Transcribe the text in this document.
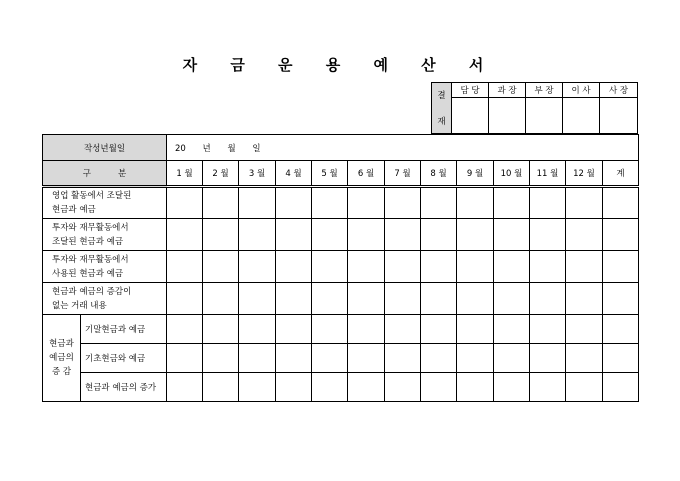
자 금 운 용 예 산 서
결
재	담 당	과 장	부 장	이 사	사 장

작성년월일		20 년 월 일												
구          분		1 월	2 월	3 월	4 월	5 월	6 월	7 월	8 월	9 월	10 월	11 월	12 월	계

영업 활동에서 조달된
현금과 예금														

투자와 재무활동에서
조달된 현금과 예금														

투자와 재무활동에서
사용된 현금과 예금														

현금과 예금의 증감이
없는 거래 내용														

현금과
예금의
증 감	기말현금과 예금													
	기초현금와 예금													
	현금과 예금의 증가													
